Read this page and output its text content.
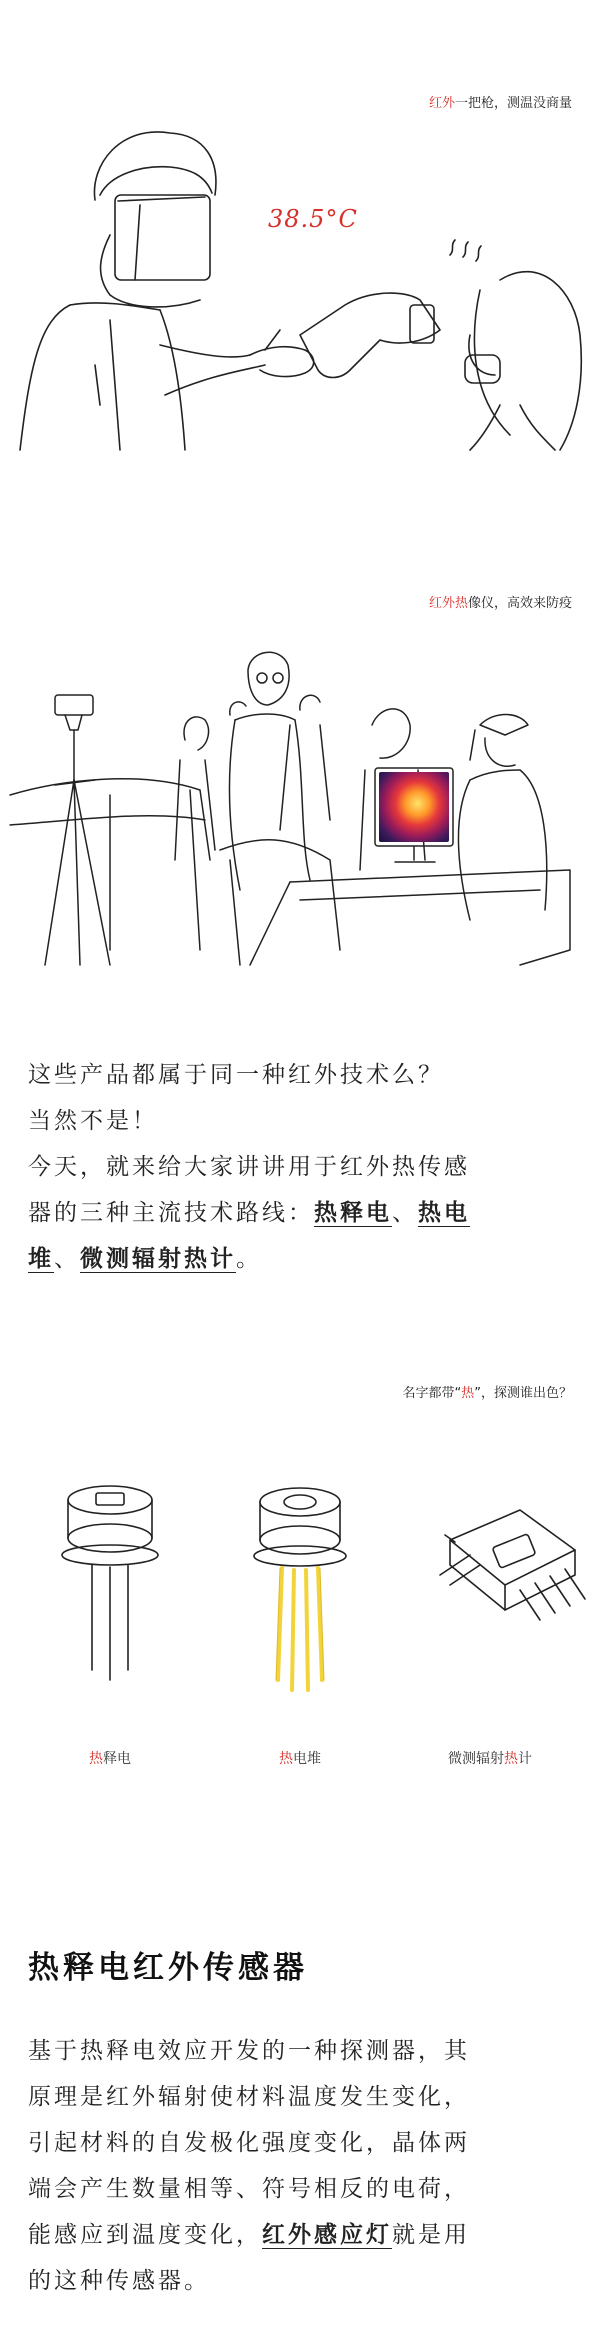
红外一把枪，测温没商量
38.5°C
红外热像仪，高效来防疫
这些产品都属于同一种红外技术么？
当然不是！
今天，就来给大家讲讲用于红外热传感
器的三种主流技术路线：热释电、热电
堆、微测辐射热计。
名字都带“热”，探测谁出色？
热释电	热电堆	微测辐射热计
热释电红外传感器
基于热释电效应开发的一种探测器，其
原理是红外辐射使材料温度发生变化，
引起材料的自发极化强度变化，晶体两
端会产生数量相等、符号相反的电荷，
能感应到温度变化，红外感应灯就是用
的这种传感器。
